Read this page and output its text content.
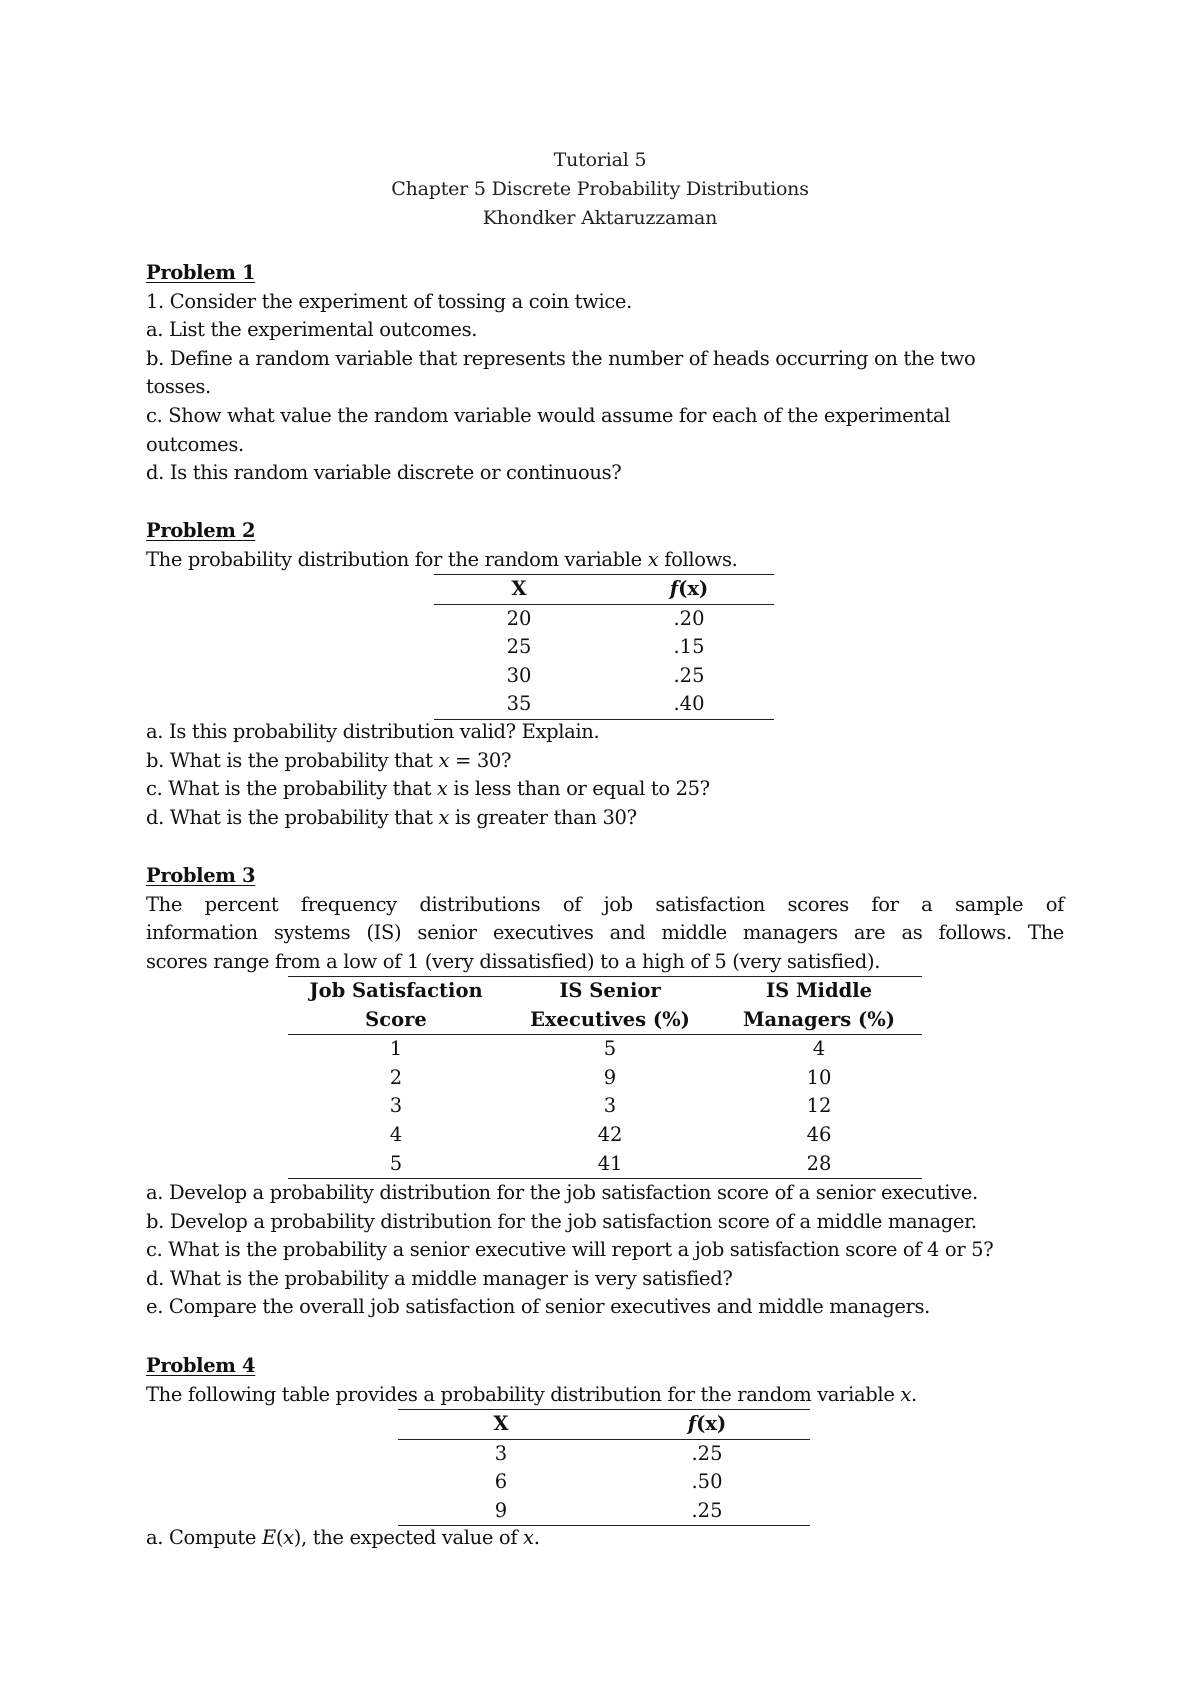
Tutorial 5
Chapter 5 Discrete Probability Distributions
Khondker Aktaruzzaman
Problem 1
1. Consider the experiment of tossing a coin twice.
a. List the experimental outcomes.
b. Define a random variable that represents the number of heads occurring on the two
tosses.
c. Show what value the random variable would assume for each of the experimental
outcomes.
d. Is this random variable discrete or continuous?
Problem 2
The probability distribution for the random variable x follows.
X	f(x)
20	.20
25	.15
30	.25
35	.40
a. Is this probability distribution valid? Explain.
b. What is the probability that x = 30?
c. What is the probability that x is less than or equal to 25?
d. What is the probability that x is greater than 30?
Problem 3
The percent frequency distributions of job satisfaction scores for a sample of
information systems (IS) senior executives and middle managers are as follows. The
scores range from a low of 1 (very dissatisfied) to a high of 5 (very satisfied).
Job Satisfaction	IS Senior	IS Middle
Score	Executives (%)	Managers (%)
1	5	4
2	9	10
3	3	12
4	42	46
5	41	28
a. Develop a probability distribution for the job satisfaction score of a senior executive.
b. Develop a probability distribution for the job satisfaction score of a middle manager.
c. What is the probability a senior executive will report a job satisfaction score of 4 or 5?
d. What is the probability a middle manager is very satisfied?
e. Compare the overall job satisfaction of senior executives and middle managers.
Problem 4
The following table provides a probability distribution for the random variable x.
X	f(x)
3	.25
6	.50
9	.25
a. Compute E(x), the expected value of x.
